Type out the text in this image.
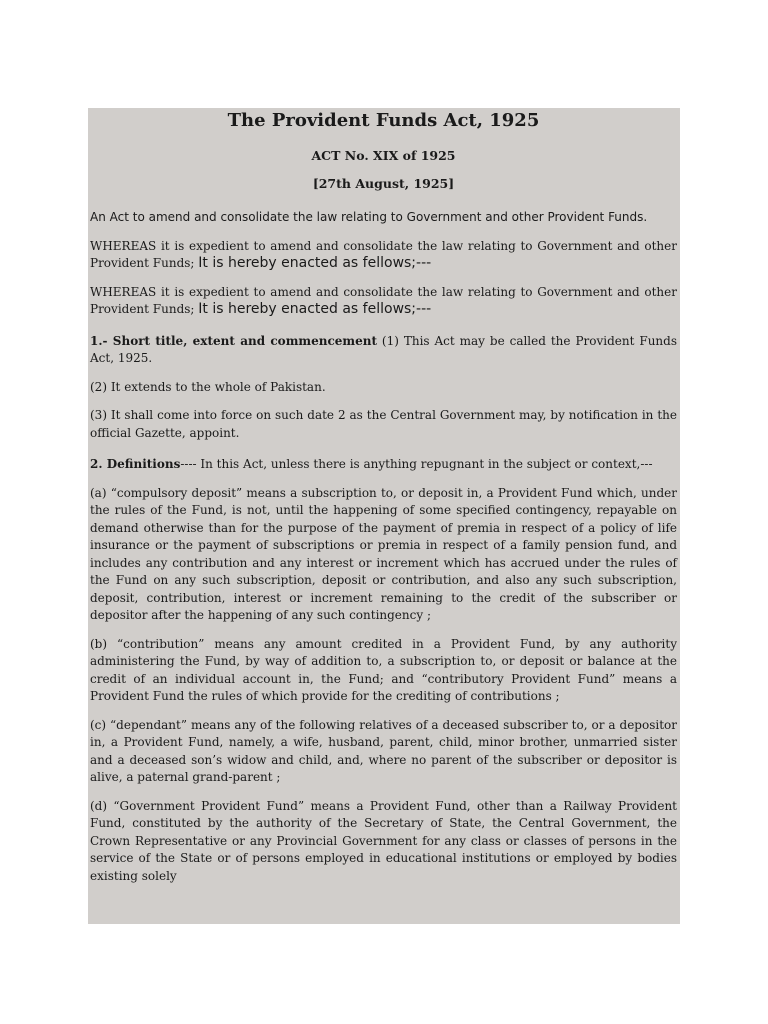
The Provident Funds Act, 1925
ACT No. XIX of 1925
[27th August, 1925]

An Act to amend and consolidate the law relating to Government and other Provident Funds.

WHEREAS it is expedient to amend and consolidate the law relating to Government and other Provident Funds; It is hereby enacted as fellows;---

WHEREAS it is expedient to amend and consolidate the law relating to Government and other Provident Funds; It is hereby enacted as fellows;---

1.- Short title, extent and commencement (1) This Act may be called the Provident Funds Act, 1925.

(2) It extends to the whole of Pakistan.

(3) It shall come into force on such date 2 as the Central Government may, by notification in the official Gazette, appoint.

2. Definitions---- In this Act, unless there is anything repugnant in the subject or context,---

(a) “compulsory deposit” means a subscription to, or deposit in, a Provident Fund which, under the rules of the Fund, is not, until the happening of some specified contingency, repayable on demand otherwise than for the purpose of the payment of premia in respect of a policy of life insurance or the payment of subscriptions or premia in respect of a family pension fund, and includes any contribution and any interest or increment which has accrued under the rules of the Fund on any such subscription, deposit or contribution, and also any such subscription, deposit, contribution, interest or increment remaining to the credit of the subscriber or depositor after the happening of any such contingency ;

(b) “contribution” means any amount credited in a Provident Fund, by any authority administering the Fund, by way of addition to, a subscription to, or deposit or balance at the credit of an individual account in, the Fund; and “contributory Provident Fund” means a Provident Fund the rules of which provide for the crediting of contributions ;

(c) “dependant” means any of the following relatives of a deceased subscriber to, or a depositor in, a Provident Fund, namely, a wife, husband, parent, child, minor brother, unmarried sister and a deceased son’s widow and child, and, where no parent of the subscriber or depositor is alive, a paternal grand-parent ;

(d) “Government Provident Fund” means a Provident Fund, other than a Railway Provident Fund, constituted by the authority of the Secretary of State, the Central Government, the Crown Representative or any Provincial Government for any class or classes of persons in the service of the State or of persons employed in educational institutions or employed by bodies existing solely
